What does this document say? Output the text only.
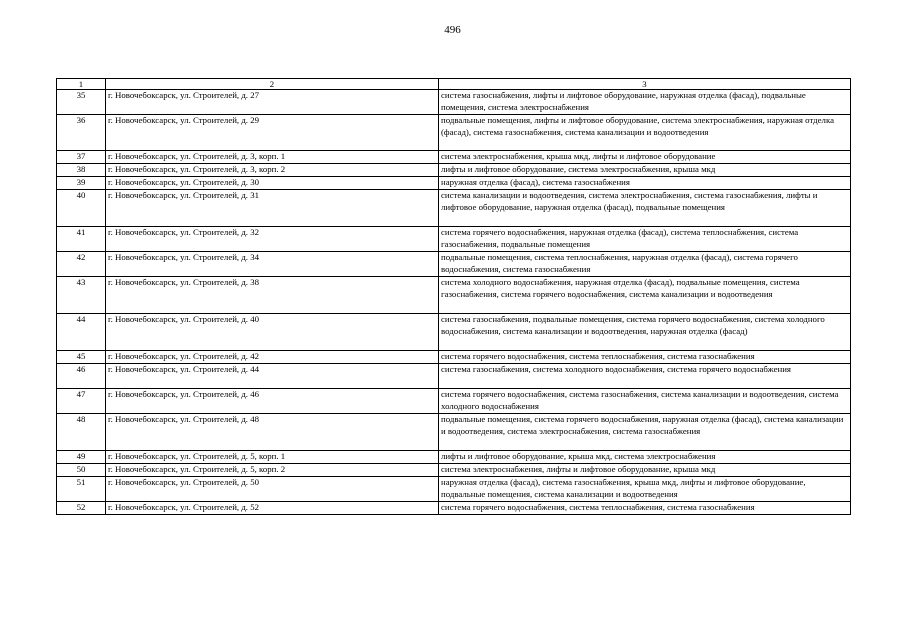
496
1	2	3
35	г. Новочебоксарск, ул. Строителей, д. 27	система газоснабжения, лифты и лифтовое оборудование, наружная отделка (фасад), подвальные помещения, система электроснабжения
36	г. Новочебоксарск, ул. Строителей, д. 29	подвальные помещения, лифты и лифтовое оборудование, система электроснабжения, наружная отделка (фасад), система газоснабжения, система канализации и водоотведения
37	г. Новочебоксарск, ул. Строителей, д. 3, корп. 1	система электроснабжения, крыша мкд, лифты и лифтовое оборудование
38	г. Новочебоксарск, ул. Строителей, д. 3, корп. 2	лифты и лифтовое оборудование, система электроснабжения, крыша мкд
39	г. Новочебоксарск, ул. Строителей, д. 30	наружная отделка (фасад), система газоснабжения
40	г. Новочебоксарск, ул. Строителей, д. 31	система канализации и водоотведения, система электроснабжения, система газоснабжения, лифты и лифтовое оборудование, наружная отделка (фасад), подвальные помещения
41	г. Новочебоксарск, ул. Строителей, д. 32	система горячего водоснабжения, наружная отделка (фасад), система теплоснабжения, система газоснабжения, подвальные помещения
42	г. Новочебоксарск, ул. Строителей, д. 34	подвальные помещения, система теплоснабжения, наружная отделка (фасад), система горячего водоснабжения, система газоснабжения
43	г. Новочебоксарск, ул. Строителей, д. 38	система холодного водоснабжения, наружная отделка (фасад), подвальные помещения, система газоснабжения, система горячего водоснабжения, система канализации и водоотведения
44	г. Новочебоксарск, ул. Строителей, д. 40	система газоснабжения, подвальные помещения, система горячего водоснабжения, система холодного водоснабжения, система канализации и водоотведения, наружная отделка (фасад)
45	г. Новочебоксарск, ул. Строителей, д. 42	система горячего водоснабжения, система теплоснабжения, система газоснабжения
46	г. Новочебоксарск, ул. Строителей, д. 44	система газоснабжения, система холодного водоснабжения, система горячего водоснабжения
47	г. Новочебоксарск, ул. Строителей, д. 46	система горячего водоснабжения, система газоснабжения, система канализации и водоотведения, система холодного водоснабжения
48	г. Новочебоксарск, ул. Строителей, д. 48	подвальные помещения, система горячего водоснабжения, наружная отделка (фасад), система канализации и водоотведения, система электроснабжения, система газоснабжения
49	г. Новочебоксарск, ул. Строителей, д. 5, корп. 1	лифты и лифтовое оборудование, крыша мкд, система электроснабжения
50	г. Новочебоксарск, ул. Строителей, д. 5, корп. 2	система электроснабжения, лифты и лифтовое оборудование, крыша мкд
51	г. Новочебоксарск, ул. Строителей, д. 50	наружная отделка (фасад), система газоснабжения, крыша мкд, лифты и лифтовое оборудование, подвальные помещения, система канализации и водоотведения
52	г. Новочебоксарск, ул. Строителей, д. 52	система горячего водоснабжения, система теплоснабжения, система газоснабжения
